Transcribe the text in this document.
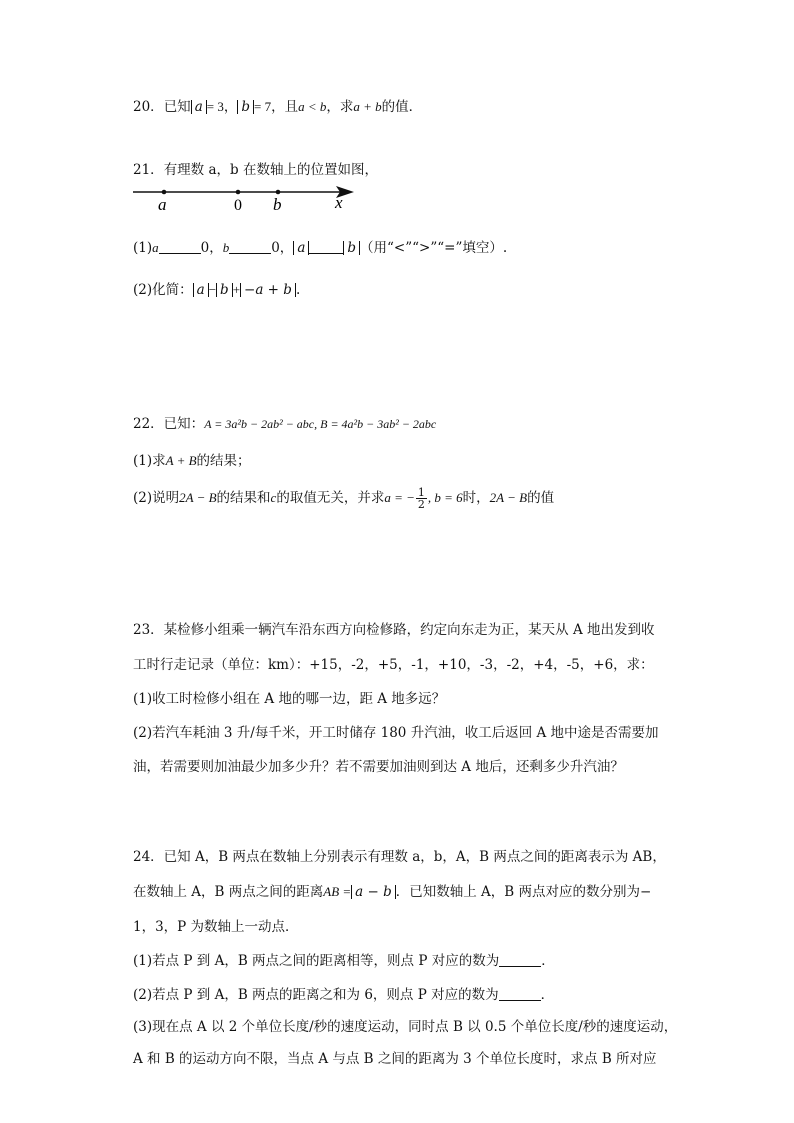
20．已知 a = 3， b = 7，且a < b，求a + b的值．
21．有理数 a，b 在数轴上的位置如图，
a	0 b	x
(1)a	0，b	0， a	b （用“<”“>”“=”填空）.
(2)化简： a − b + −a + b .
22．已知：A = 3a²b − 2ab² − abc, B = 4a²b − 3ab² − 2abc
(1)求A + B的结果；
(2)说明2A − B的结果和c的取值无关，并求a = − $\frac{1}{2}$ , b = 6时，2A − B的值
23．某检修小组乘一辆汽车沿东西方向检修路，约定向东走为正，某天从 A 地出发到收
工时行走记录（单位：km）：+15，-2，+5，-1，+10，-3，-2，+4，-5，+6，求：
(1)收工时检修小组在 A 地的哪一边，距 A 地多远？
(2)若汽车耗油 3 升/每千米，开工时储存 180 升汽油，收工后返回 A 地中途是否需要加
油，若需要则加油最少加多少升？若不需要加油则到达 A 地后，还剩多少升汽油？
24．已知 A，B 两点在数轴上分别表示有理数 a，b，A，B 两点之间的距离表示为 AB，
在数轴上 A，B 两点之间的距离AB = a − b ．已知数轴上 A，B 两点对应的数分别为−
1，3，P 为数轴上一动点．
(1)若点 P 到 A，B 两点之间的距离相等，则点 P 对应的数为	．
(2)若点 P 到 A，B 两点的距离之和为 6，则点 P 对应的数为	．
(3)现在点 A 以 2 个单位长度/秒的速度运动，同时点 B 以 0.5 个单位长度/秒的速度运动，
A 和 B 的运动方向不限，当点 A 与点 B 之间的距离为 3 个单位长度时，求点 B 所对应
